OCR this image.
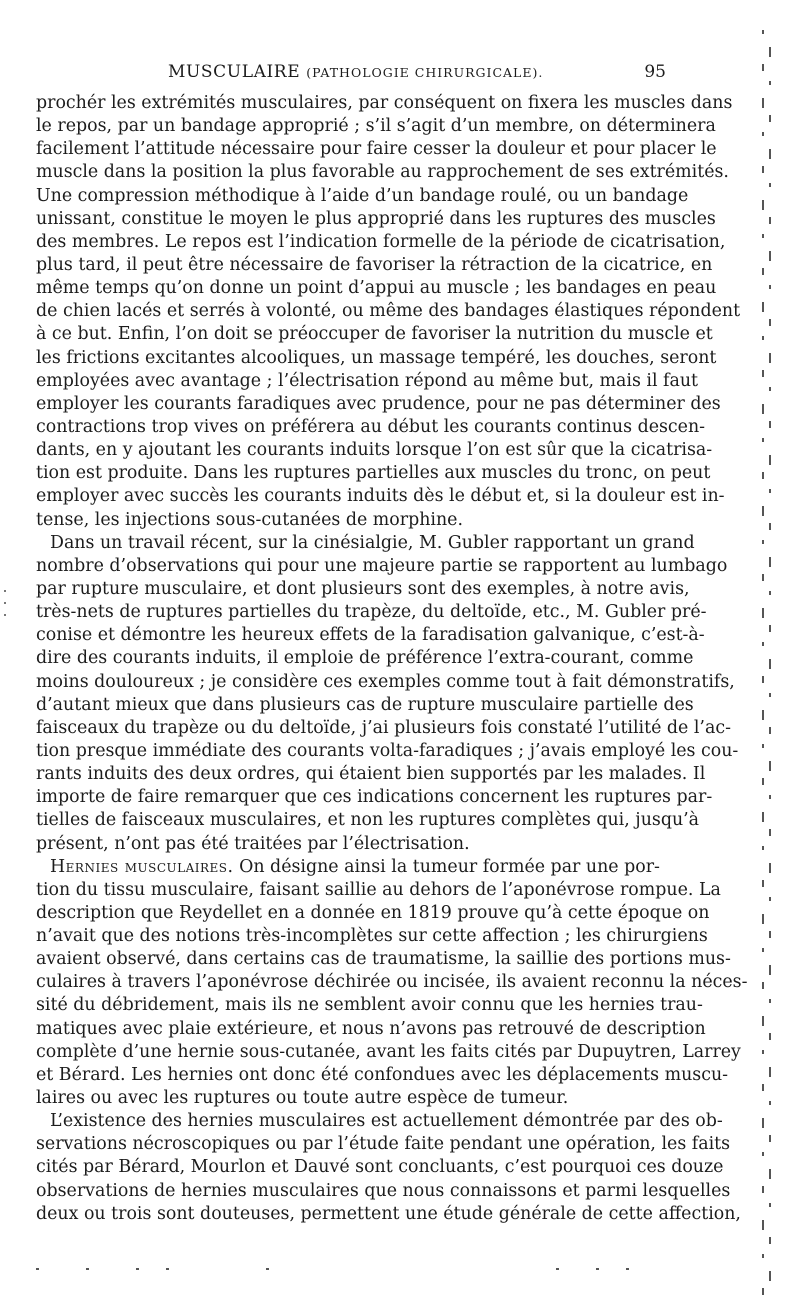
MUSCULAIRE (PATHOLOGIE CHIRURGICALE).	95
prochér les extrémités musculaires, par conséquent on fixera les muscles dans
le repos, par un bandage approprié ; s’il s’agit d’un membre, on déterminera
facilement l’attitude nécessaire pour faire cesser la douleur et pour placer le
muscle dans la position la plus favorable au rapprochement de ses extrémités.
Une compression méthodique à l’aide d’un bandage roulé, ou un bandage
unissant, constitue le moyen le plus approprié dans les ruptures des muscles
des membres. Le repos est l’indication formelle de la période de cicatrisation,
plus tard, il peut être nécessaire de favoriser la rétraction de la cicatrice, en
même temps qu’on donne un point d’appui au muscle ; les bandages en peau
de chien lacés et serrés à volonté, ou même des bandages élastiques répondent
à ce but. Enfin, l’on doit se préoccuper de favoriser la nutrition du muscle et
les frictions excitantes alcooliques, un massage tempéré, les douches, seront
employées avec avantage ; l’électrisation répond au même but, mais il faut
employer les courants faradiques avec prudence, pour ne pas déterminer des
contractions trop vives on préférera au début les courants continus descen-
dants, en y ajoutant les courants induits lorsque l’on est sûr que la cicatrisa-
tion est produite. Dans les ruptures partielles aux muscles du tronc, on peut
employer avec succès les courants induits dès le début et, si la douleur est in-
tense, les injections sous-cutanées de morphine.
Dans un travail récent, sur la cinésialgie, M. Gubler rapportant un grand
nombre d’observations qui pour une majeure partie se rapportent au lumbago
par rupture musculaire, et dont plusieurs sont des exemples, à notre avis,
très-nets de ruptures partielles du trapèze, du deltoïde, etc., M. Gubler pré-
conise et démontre les heureux effets de la faradisation galvanique, c’est-à-
dire des courants induits, il emploie de préférence l’extra-courant, comme
moins douloureux ; je considère ces exemples comme tout à fait démonstratifs,
d’autant mieux que dans plusieurs cas de rupture musculaire partielle des
faisceaux du trapèze ou du deltoïde, j’ai plusieurs fois constaté l’utilité de l’ac-
tion presque immédiate des courants volta-faradiques ; j’avais employé les cou-
rants induits des deux ordres, qui étaient bien supportés par les malades. Il
importe de faire remarquer que ces indications concernent les ruptures par-
tielles de faisceaux musculaires, et non les ruptures complètes qui, jusqu’à
présent, n’ont pas été traitées par l’électrisation.
Hernies musculaires. On désigne ainsi la tumeur formée par une por-
tion du tissu musculaire, faisant saillie au dehors de l’aponévrose rompue. La
description que Reydellet en a donnée en 1819 prouve qu’à cette époque on
n’avait que des notions très-incomplètes sur cette affection ; les chirurgiens
avaient observé, dans certains cas de traumatisme, la saillie des portions mus-
culaires à travers l’aponévrose déchirée ou incisée, ils avaient reconnu la néces-
sité du débridement, mais ils ne semblent avoir connu que les hernies trau-
matiques avec plaie extérieure, et nous n’avons pas retrouvé de description
complète d’une hernie sous-cutanée, avant les faits cités par Dupuytren, Larrey
et Bérard. Les hernies ont donc été confondues avec les déplacements muscu-
laires ou avec les ruptures ou toute autre espèce de tumeur.
L’existence des hernies musculaires est actuellement démontrée par des ob-
servations nécroscopiques ou par l’étude faite pendant une opération, les faits
cités par Bérard, Mourlon et Dauvé sont concluants, c’est pourquoi ces douze
observations de hernies musculaires que nous connaissons et parmi lesquelles
deux ou trois sont douteuses, permettent une étude générale de cette affection,
